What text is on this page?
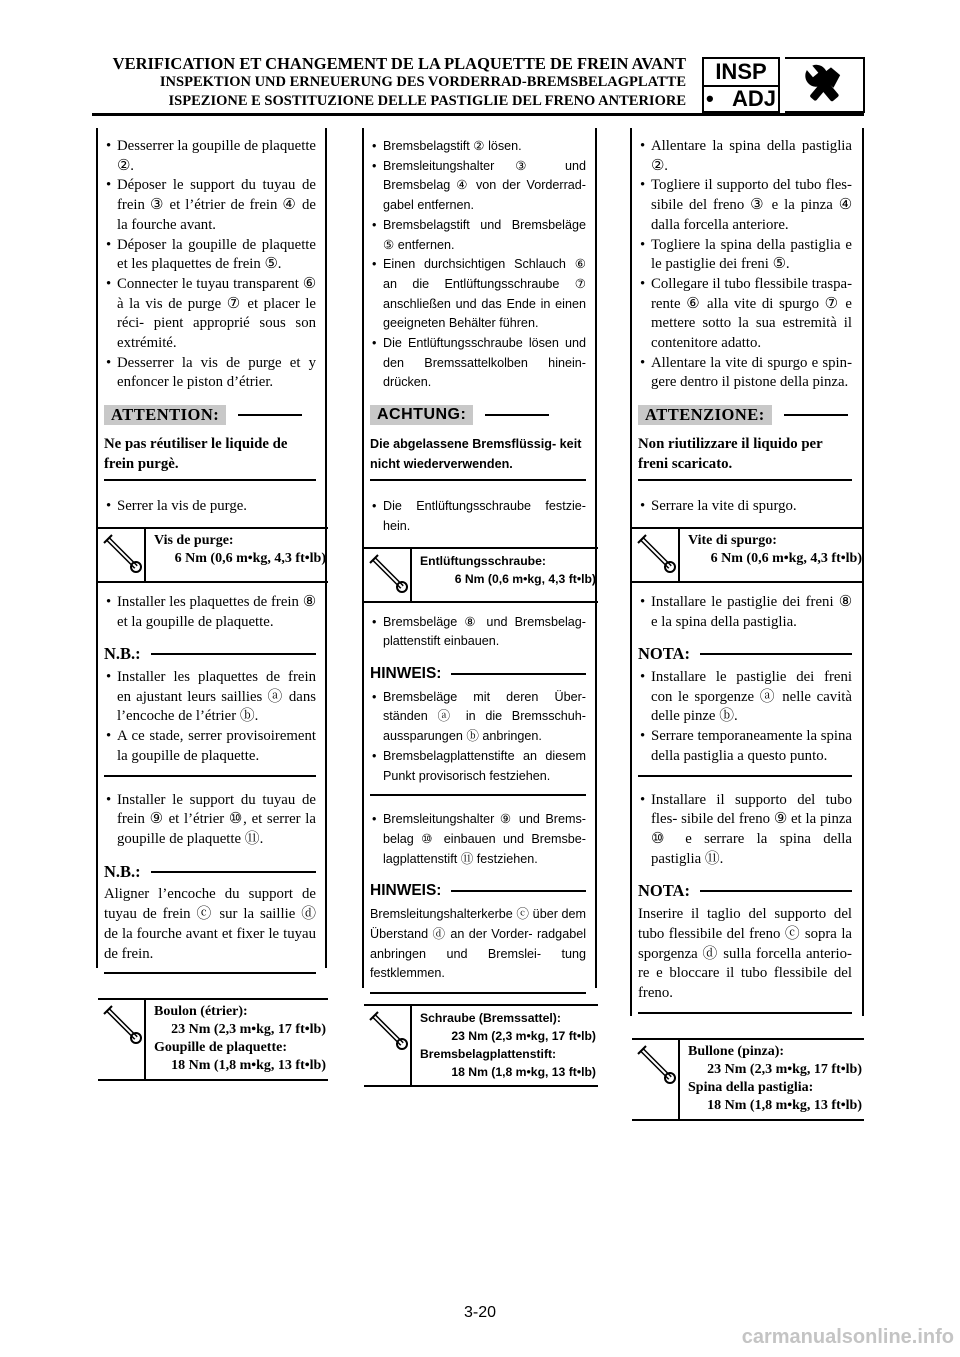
VERIFICATION ET CHANGEMENT DE LA PLAQUETTE DE FREIN AVANT
INSPEKTION UND ERNEUERUNG DES VORDERRAD-BREMSBELAGPLATTE
ISPEZIONE E SOSTITUZIONE DELLE PASTIGLIE DEL FRENO ANTERIORE
INSP
• ADJ
• Desserrer la goupille de plaquette ②.
• Déposer le support du tuyau de frein ③ et l’étrier de frein ④ de la fourche avant.
• Déposer la goupille de plaquette et les plaquettes de frein ⑤.
• Connecter le tuyau transparent ⑥ à la vis de purge ⑦ et placer le réci- pient approprié sous son extrémité.
• Desserrer la vis de purge et y enfoncer le piston d’étrier.
ATTENTION:
Ne pas réutiliser le liquide de frein purgè.
• Serrer la vis de purge.
Vis de purge:
6 Nm (0,6 m•kg, 4,3 ft•lb)
• Installer les plaquettes de frein ⑧ et la goupille de plaquette.
N.B.:
• Installer les plaquettes de frein en ajustant leurs saillies ⓐ dans l’encoche de l’étrier ⓑ.
• A ce stade, serrer provisoirement la goupille de plaquette.
• Installer le support du tuyau de frein ⑨ et l’étrier ⑩, et serrer la goupille de plaquette ⑪.
N.B.:
Aligner l’encoche du support de tuyau de frein ⓒ sur la saillie ⓓ de la fourche avant et fixer le tuyau de frein.
Boulon (étrier):
23 Nm (2,3 m•kg, 17 ft•lb)
Goupille de plaquette:
18 Nm (1,8 m•kg, 13 ft•lb)
• Bremsbelagstift ② lösen.
• Bremsleitungshalter ③ und Bremsbelag ④ von der Vorderrad- gabel entfernen.
• Bremsbelagstift und Bremsbeläge ⑤ entfernen.
• Einen durchsichtigen Schlauch ⑥ an die Entlüftungsschraube ⑦ anschließen und das Ende in einen geeigneten Behälter führen.
• Die Entlüftungsschraube lösen und den Bremssattelkolben hinein- drücken.
ACHTUNG:
Die abgelassene Bremsflüssig- keit nicht wiederverwenden.
• Die Entlüftungsschraube festzie- hein.
Entlüftungsschraube:
6 Nm (0,6 m•kg, 4,3 ft•lb)
• Bremsbeläge ⑧ und Bremsbelag- plattenstift einbauen.
HINWEIS:
• Bremsbeläge mit deren Über- ständen ⓐ in die Bremsschuh- aussparungen ⓑ anbringen.
• Bremsbelagplattenstifte an diesem Punkt provisorisch festziehen.
• Bremsleitungshalter ⑨ und Brems- belag ⑩ einbauen und Bremsbe- lagplattenstift ⑪ festziehen.
HINWEIS:
Bremsleitungshalterkerbe ⓒ über dem Überstand ⓓ an der Vorder- radgabel anbringen und Bremslei- tung festklemmen.
Schraube (Bremssattel):
23 Nm (2,3 m•kg, 17 ft•lb)
Bremsbelagplattenstift:
18 Nm (1,8 m•kg, 13 ft•lb)
• Allentare la spina della pastiglia ②.
• Togliere il supporto del tubo fles- sibile del freno ③ e la pinza ④ dalla forcella anteriore.
• Togliere la spina della pastiglia e le pastiglie dei freni ⑤.
• Collegare il tubo flessibile traspa- rente ⑥ alla vite di spurgo ⑦ e mettere sotto la sua estremità il contenitore adatto.
• Allentare la vite di spurgo e spin- gere dentro il pistone della pinza.
ATTENZIONE:
Non riutilizzare il liquido per freni scaricato.
• Serrare la vite di spurgo.
Vite di spurgo:
6 Nm (0,6 m•kg, 4,3 ft•lb)
• Installare le pastiglie dei freni ⑧ e la spina della pastiglia.
NOTA:
• Installare le pastiglie dei freni con le sporgenze ⓐ nelle cavità delle pinze ⓑ.
• Serrare temporaneamente la spina della pastiglia a questo punto.
• Installare il supporto del tubo fles- sibile del freno ⑨ et la pinza ⑩ e serrare la spina della pastiglia ⑪.
NOTA:
Inserire il taglio del supporto del tubo flessibile del freno ⓒ sopra la sporgenza ⓓ sulla forcella anterio- re e bloccare il tubo flessibile del freno.
Bullone (pinza):
23 Nm (2,3 m•kg, 17 ft•lb)
Spina della pastiglia:
18 Nm (1,8 m•kg, 13 ft•lb)
3-20
carmanualsonline.info
